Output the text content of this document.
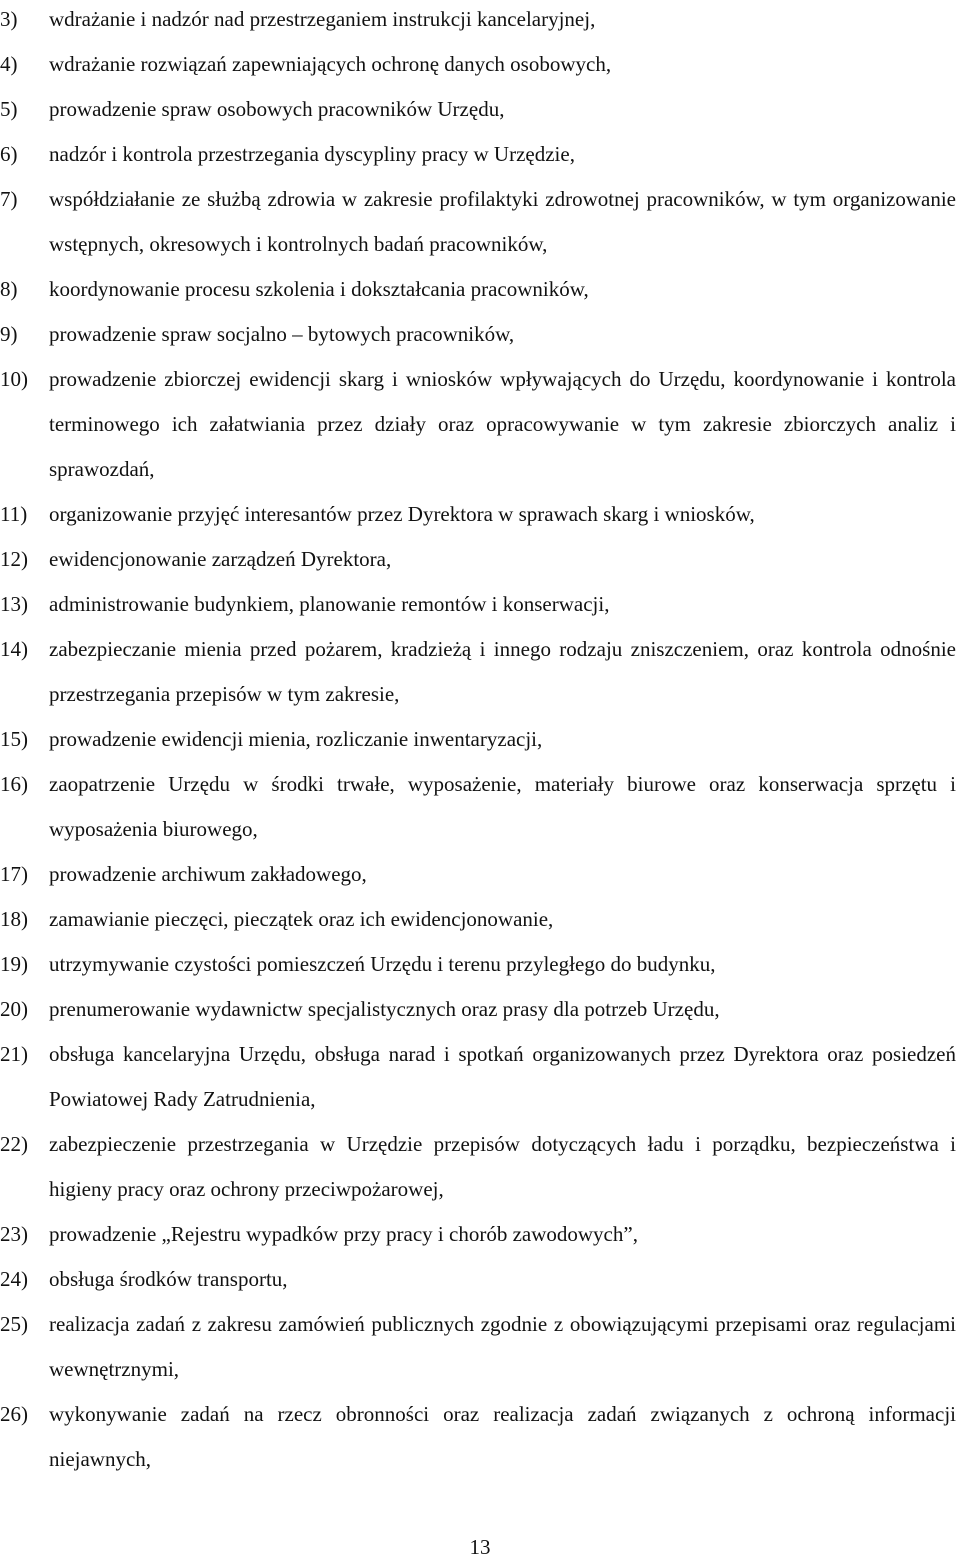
3)	wdrażanie i nadzór nad przestrzeganiem instrukcji kancelaryjnej,
4)	wdrażanie rozwiązań zapewniających ochronę danych osobowych,
5)	prowadzenie spraw osobowych pracowników Urzędu,
6)	nadzór i kontrola przestrzegania dyscypliny pracy w Urzędzie,
7)	współdziałanie ze służbą zdrowia w zakresie profilaktyki zdrowotnej pracowników, w tym organizowanie wstępnych, okresowych i kontrolnych badań pracowników,
8)	koordynowanie procesu szkolenia i dokształcania pracowników,
9)	prowadzenie spraw socjalno – bytowych pracowników,
10)	prowadzenie zbiorczej ewidencji skarg i wniosków wpływających do Urzędu, koordynowanie i kontrola terminowego ich załatwiania przez działy oraz opracowywanie w tym zakresie zbiorczych analiz i sprawozdań,
11)	organizowanie przyjęć interesantów przez Dyrektora w sprawach skarg i wniosków,
12)	ewidencjonowanie zarządzeń Dyrektora,
13)	administrowanie budynkiem, planowanie remontów i konserwacji,
14)	zabezpieczanie mienia przed pożarem, kradzieżą i innego rodzaju zniszczeniem, oraz kontrola odnośnie przestrzegania przepisów w tym zakresie,
15)	prowadzenie ewidencji mienia, rozliczanie inwentaryzacji,
16)	zaopatrzenie Urzędu w środki trwałe, wyposażenie, materiały biurowe oraz konserwacja sprzętu i wyposażenia biurowego,
17)	prowadzenie archiwum zakładowego,
18)	zamawianie pieczęci, pieczątek oraz ich ewidencjonowanie,
19)	utrzymywanie czystości pomieszczeń Urzędu i terenu przyległego do budynku,
20)	prenumerowanie wydawnictw specjalistycznych oraz prasy dla potrzeb Urzędu,
21)	obsługa kancelaryjna Urzędu, obsługa narad i spotkań organizowanych przez Dyrektora oraz posiedzeń Powiatowej Rady Zatrudnienia,
22)	zabezpieczenie przestrzegania w Urzędzie przepisów dotyczących ładu i porządku, bezpieczeństwa i higieny pracy oraz ochrony przeciwpożarowej,
23)	prowadzenie „Rejestru wypadków przy pracy i chorób zawodowych”,
24)	obsługa środków transportu,
25)	realizacja zadań z zakresu zamówień publicznych zgodnie z obowiązującymi przepisami oraz regulacjami wewnętrznymi,
26)	wykonywanie zadań na rzecz obronności oraz realizacja zadań związanych z ochroną informacji niejawnych,
13
